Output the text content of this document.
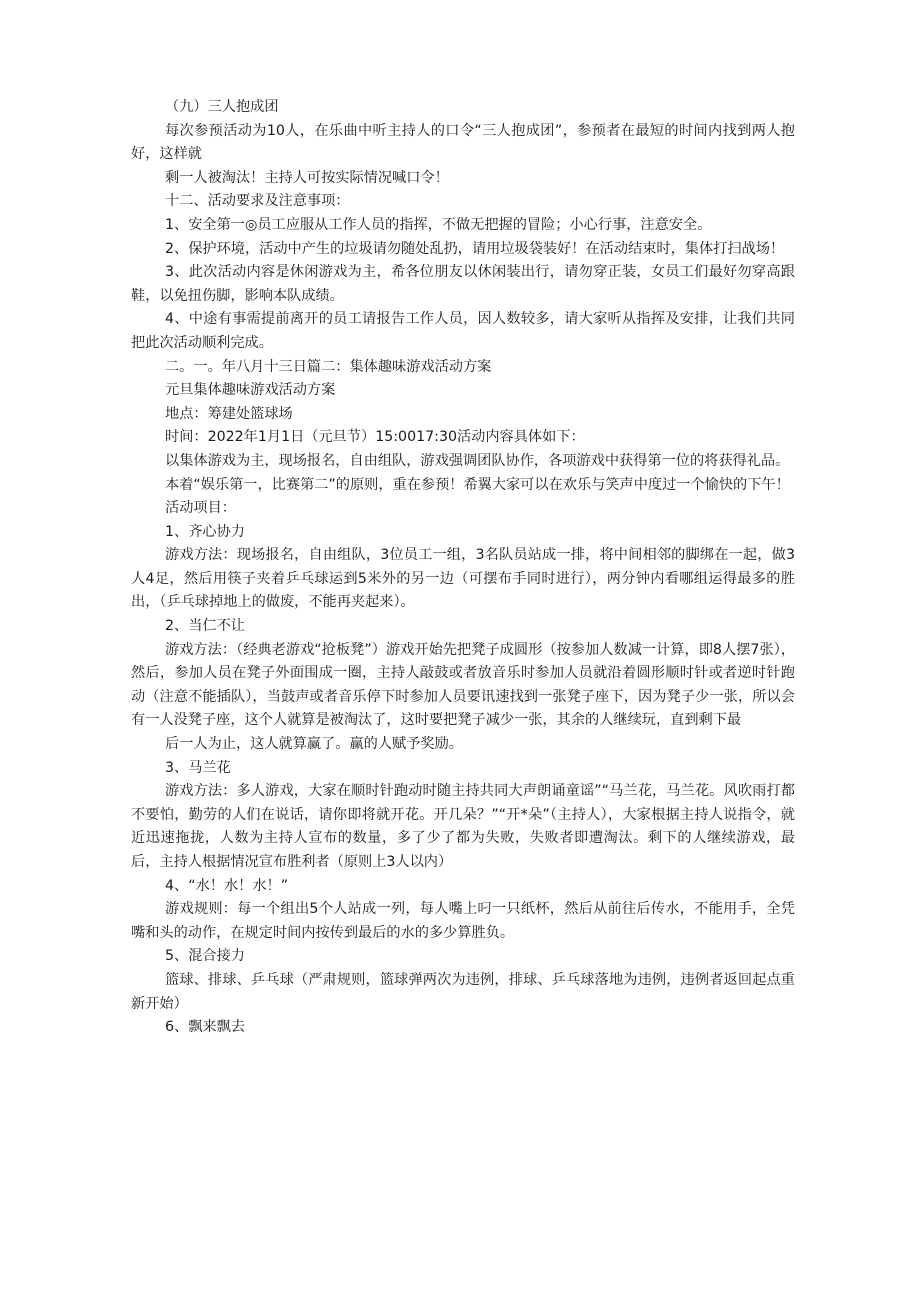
（九）三人抱成团

每次参预活动为10人，在乐曲中听主持人的口令“三人抱成团”，参预者在最短的时间内找到两人抱好，这样就

剩一人被淘汰！主持人可按实际情况喊口令！

十二、活动要求及注意事项：

1、安全第一◎员工应服从工作人员的指挥，不做无把握的冒险；小心行事，注意安全。

2、保护环境，活动中产生的垃圾请勿随处乱扔，请用垃圾袋装好！在活动结束时，集体打扫战场！

3、此次活动内容是休闲游戏为主，希各位朋友以休闲装出行，请勿穿正装，女员工们最好勿穿高跟鞋，以免扭伤脚，影响本队成绩。

4、中途有事需提前离开的员工请报告工作人员，因人数较多，请大家听从指挥及安排，让我们共同把此次活动顺利完成。

二。一。年八月十三日篇二：集体趣味游戏活动方案

元旦集体趣味游戏活动方案

地点：筹建处篮球场

时间：2022年1月1日（元旦节）15:0017:30活动内容具体如下：

以集体游戏为主，现场报名，自由组队，游戏强调团队协作，各项游戏中获得第一位的将获得礼品。

本着“娱乐第一，比赛第二”的原则，重在参预！希翼大家可以在欢乐与笑声中度过一个愉快的下午！

活动项目：

1、齐心协力

游戏方法：现场报名，自由组队，3位员工一组，3名队员站成一排，将中间相邻的脚绑在一起，做3人4足，然后用筷子夹着乒乓球运到5米外的另一边（可摆布手同时进行），两分钟内看哪组运得最多的胜出，（乒乓球掉地上的做废，不能再夹起来）。

2、当仁不让

游戏方法：（经典老游戏“抢板凳”）游戏开始先把凳子成圆形（按参加人数减一计算，即8人摆7张），然后，参加人员在凳子外面围成一圈，主持人敲鼓或者放音乐时参加人员就沿着圆形顺时针或者逆时针跑动（注意不能插队），当鼓声或者音乐停下时参加人员要讯速找到一张凳子座下，因为凳子少一张，所以会有一人没凳子座，这个人就算是被淘汰了，这时要把凳子减少一张，其余的人继续玩，直到剩下最

后一人为止，这人就算赢了。赢的人赋予奖励。

3、马兰花

游戏方法：多人游戏，大家在顺时针跑动时随主持共同大声朗诵童谣”“马兰花，马兰花。风吹雨打都不要怕，勤劳的人们在说话，请你即将就开花。开几朵？”“开*朵”（主持人），大家根据主持人说指令，就近迅速拖拢，人数为主持人宣布的数量，多了少了都为失败，失败者即遭淘汰。剩下的人继续游戏，最后，主持人根据情况宣布胜利者（原则上3人以内）

4、“水！水！水！”

游戏规则：每一个组出5个人站成一列，每人嘴上叼一只纸杯，然后从前往后传水，不能用手，全凭嘴和头的动作，在规定时间内按传到最后的水的多少算胜负。

5、混合接力

篮球、排球、乒乓球（严肃规则，篮球弹两次为违例，排球、乒乓球落地为违例，违例者返回起点重新开始）

6、飘来飘去
